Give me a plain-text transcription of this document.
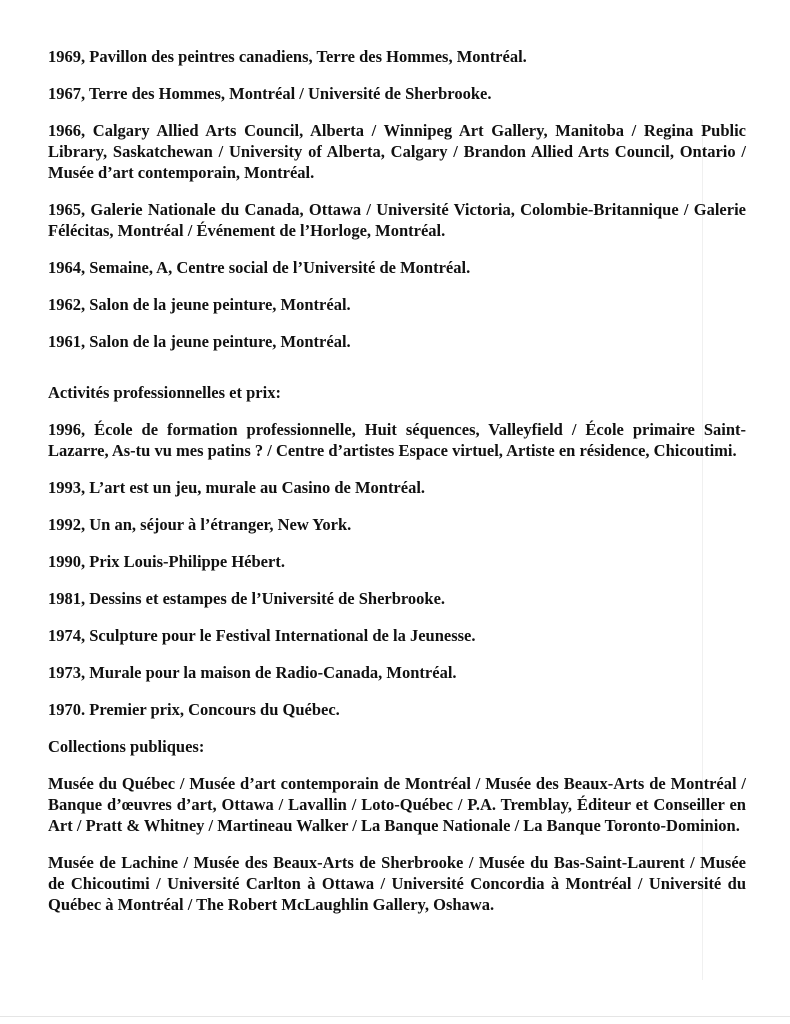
1969, Pavillon des peintres canadiens, Terre des Hommes, Montréal.

1967, Terre des Hommes, Montréal / Université de Sherbrooke.

1966, Calgary Allied Arts Council, Alberta / Winnipeg Art Gallery, Manitoba / Regina Public Library, Saskatchewan / University of Alberta, Calgary / Brandon Allied Arts Council, Ontario / Musée d’art contemporain, Montréal.

1965, Galerie Nationale du Canada, Ottawa / Université Victoria, Colombie-Britannique / Galerie Félécitas, Montréal / Événement de l’Horloge, Montréal.

1964, Semaine, A, Centre social de l’Université de Montréal.

1962, Salon de la jeune peinture, Montréal.

1961, Salon de la jeune peinture, Montréal.

Activités professionnelles et prix:

1996, École de formation professionnelle, Huit séquences, Valleyfield / École primaire Saint-Lazarre, As-tu vu mes patins ? / Centre d’artistes Espace virtuel, Artiste en résidence, Chicoutimi.

1993, L’art est un jeu, murale au Casino de Montréal.

1992, Un an, séjour à l’étranger, New York.

1990, Prix Louis-Philippe Hébert.

1981, Dessins et estampes de l’Université de Sherbrooke.

1974, Sculpture pour le Festival International de la Jeunesse.

1973, Murale pour la maison de Radio-Canada, Montréal.

1970. Premier prix, Concours du Québec.

Collections publiques:

Musée du Québec / Musée d’art contemporain de Montréal / Musée des Beaux-Arts de Montréal / Banque d’œuvres d’art, Ottawa / Lavallin / Loto-Québec / P.A. Tremblay, Éditeur et Conseiller en Art / Pratt & Whitney / Martineau Walker / La Banque Nationale / La Banque Toronto-Dominion.

Musée de Lachine / Musée des Beaux-Arts de Sherbrooke / Musée du Bas-Saint-Laurent / Musée de Chicoutimi / Université Carlton à Ottawa / Université Concordia à Montréal / Université du Québec à Montréal / The Robert McLaughlin Gallery, Oshawa.
